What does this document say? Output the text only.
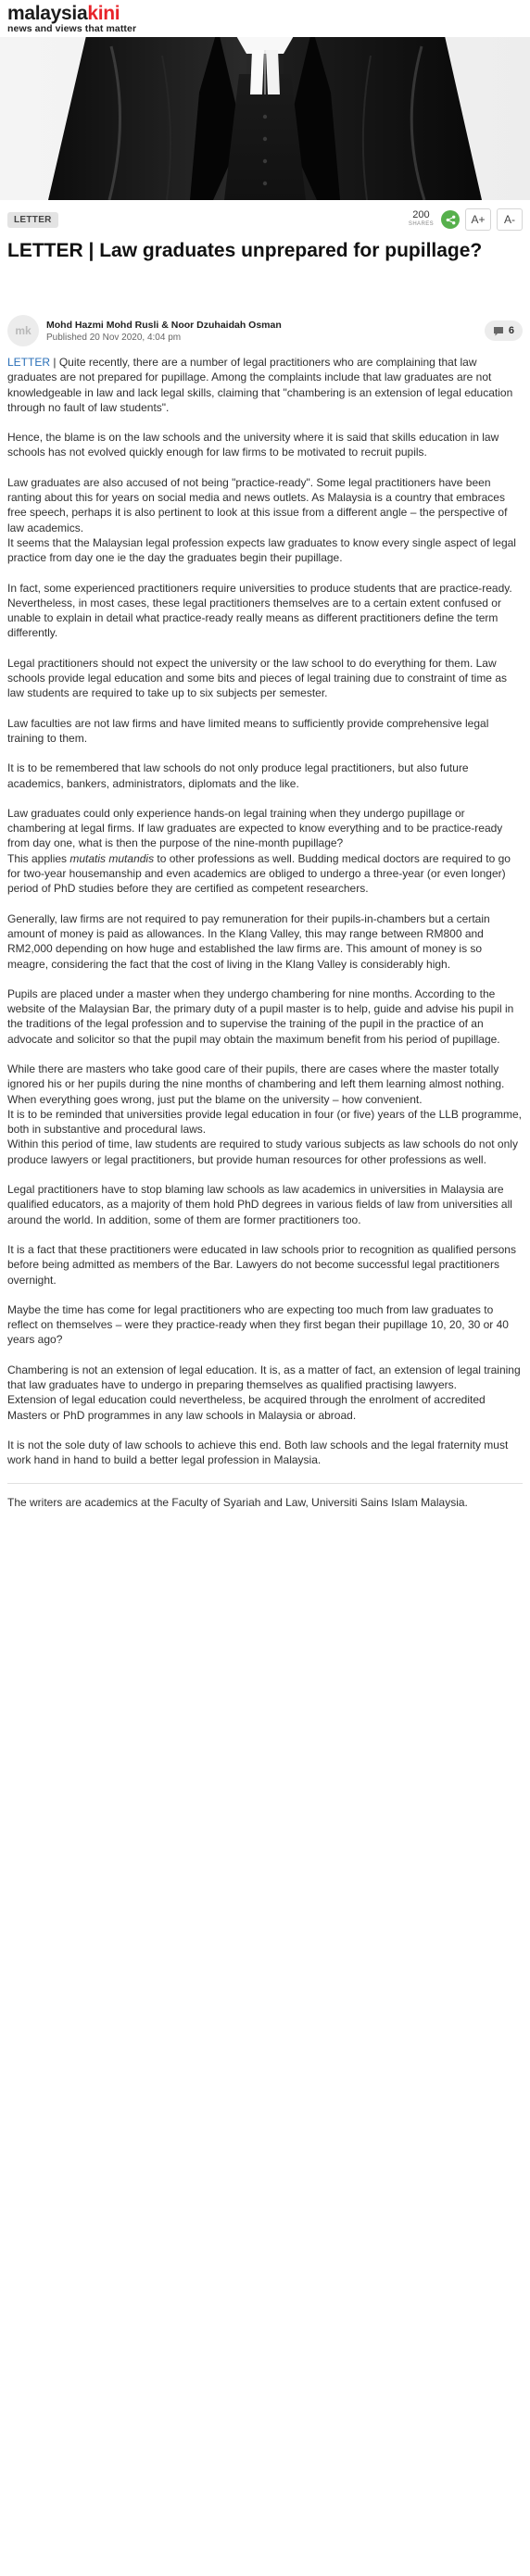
malaysiakini
news and views that matter
LETTER	200
SHARES	A+	A-
LETTER | Law graduates unprepared for pupillage?
mk	Mohd Hazmi Mohd Rusli & Noor Dzuhaidah Osman
Published 20 Nov 2020, 4:04 pm
6

LETTER | Quite recently, there are a number of legal practitioners who are complaining that law graduates are not prepared for pupillage. Among the complaints include that law graduates are not knowledgeable in law and lack legal skills, claiming that "chambering is an extension of legal education through no fault of law students".

Hence, the blame is on the law schools and the university where it is said that skills education in law schools has not evolved quickly enough for law firms to be motivated to recruit pupils.

Law graduates are also accused of not being "practice-ready". Some legal practitioners have been ranting about this for years on social media and news outlets. As Malaysia is a country that embraces free speech, perhaps it is also pertinent to look at this issue from a different angle – the perspective of law academics.

It seems that the Malaysian legal profession expects law graduates to know every single aspect of legal practice from day one ie the day the graduates begin their pupillage.

In fact, some experienced practitioners require universities to produce students that are practice-ready. Nevertheless, in most cases, these legal practitioners themselves are to a certain extent confused or unable to explain in detail what practice-ready really means as different practitioners define the term differently.

Legal practitioners should not expect the university or the law school to do everything for them. Law schools provide legal education and some bits and pieces of legal training due to constraint of time as law students are required to take up to six subjects per semester.

Law faculties are not law firms and have limited means to sufficiently provide comprehensive legal training to them.

It is to be remembered that law schools do not only produce legal practitioners, but also future academics, bankers, administrators, diplomats and the like.

Law graduates could only experience hands-on legal training when they undergo pupillage or chambering at legal firms. If law graduates are expected to know everything and to be practice-ready from day one, what is then the purpose of the nine-month pupillage?

This applies mutatis mutandis to other professions as well. Budding medical doctors are required to go for two-year housemanship and even academics are obliged to undergo a three-year (or even longer) period of PhD studies before they are certified as competent researchers.

Generally, law firms are not required to pay remuneration for their pupils-in-chambers but a certain amount of money is paid as allowances. In the Klang Valley, this may range between RM800 and RM2,000 depending on how huge and established the law firms are. This amount of money is so meagre, considering the fact that the cost of living in the Klang Valley is considerably high.

Pupils are placed under a master when they undergo chambering for nine months. According to the website of the Malaysian Bar, the primary duty of a pupil master is to help, guide and advise his pupil in the traditions of the legal profession and to supervise the training of the pupil in the practice of an advocate and solicitor so that the pupil may obtain the maximum benefit from his period of pupillage.

While there are masters who take good care of their pupils, there are cases where the master totally ignored his or her pupils during the nine months of chambering and left them learning almost nothing. When everything goes wrong, just put the blame on the university – how convenient.

It is to be reminded that universities provide legal education in four (or five) years of the LLB programme, both in substantive and procedural laws.

Within this period of time, law students are required to study various subjects as law schools do not only produce lawyers or legal practitioners, but provide human resources for other professions as well.

Legal practitioners have to stop blaming law schools as law academics in universities in Malaysia are qualified educators, as a majority of them hold PhD degrees in various fields of law from universities all around the world. In addition, some of them are former practitioners too.

It is a fact that these practitioners were educated in law schools prior to recognition as qualified persons before being admitted as members of the Bar. Lawyers do not become successful legal practitioners overnight.

Maybe the time has come for legal practitioners who are expecting too much from law graduates to reflect on themselves – were they practice-ready when they first began their pupillage 10, 20, 30 or 40 years ago?

Chambering is not an extension of legal education. It is, as a matter of fact, an extension of legal training that law graduates have to undergo in preparing themselves as qualified practising lawyers.

Extension of legal education could nevertheless, be acquired through the enrolment of accredited Masters or PhD programmes in any law schools in Malaysia or abroad.

It is not the sole duty of law schools to achieve this end. Both law schools and the legal fraternity must work hand in hand to build a better legal profession in Malaysia.

The writers are academics at the Faculty of Syariah and Law, Universiti Sains Islam Malaysia.
